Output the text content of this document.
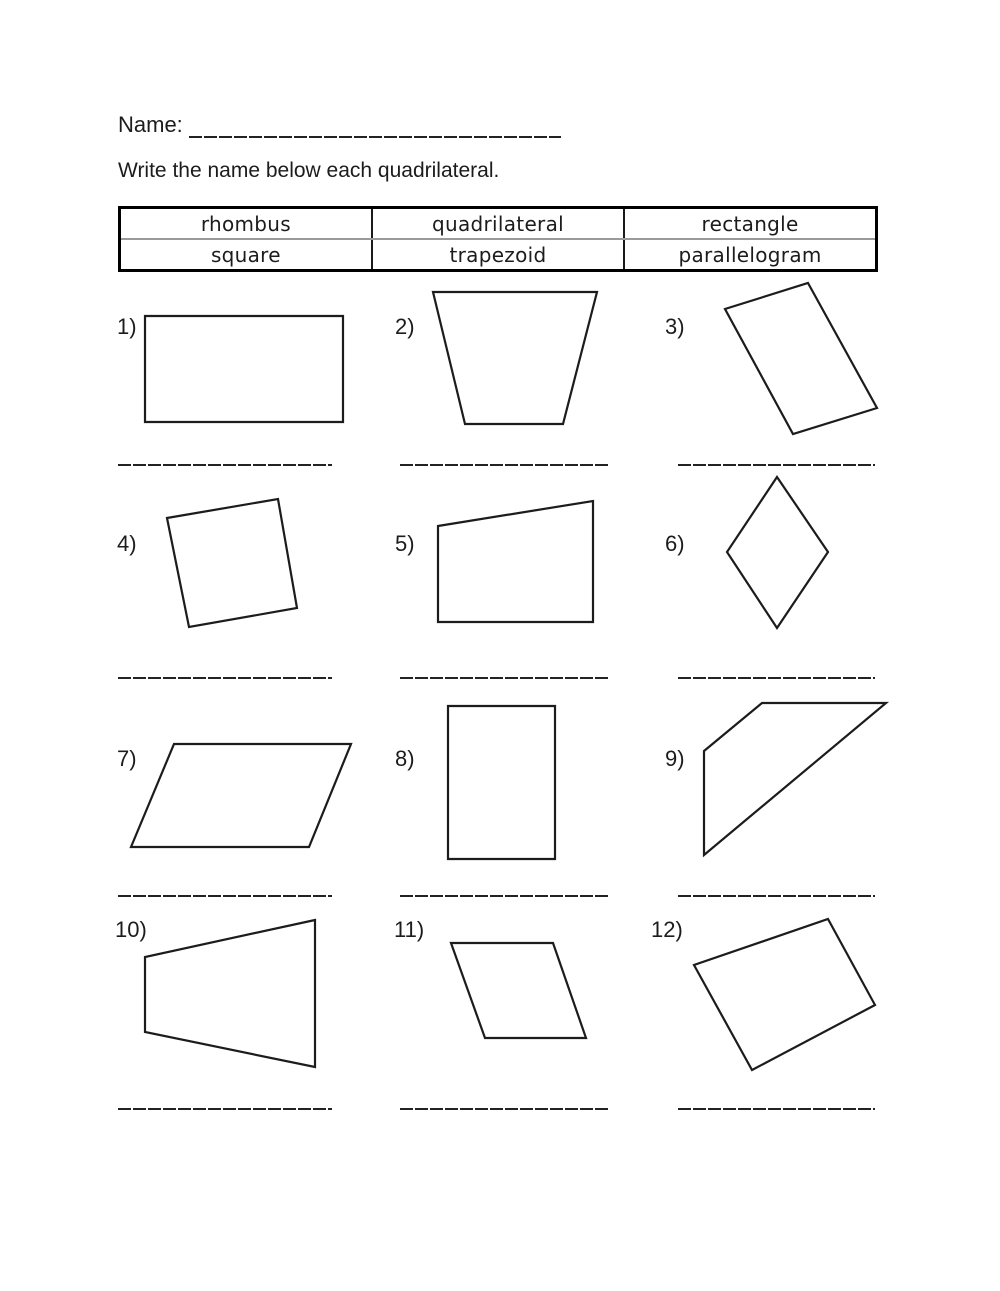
Name:
Write the name below each quadrilateral.
rhombus	quadrilateral	rectangle
square	trapezoid	parallelogram
1)	2)	3)
4)	5)	6)
7)	8)	9)
10)	11)	12)
